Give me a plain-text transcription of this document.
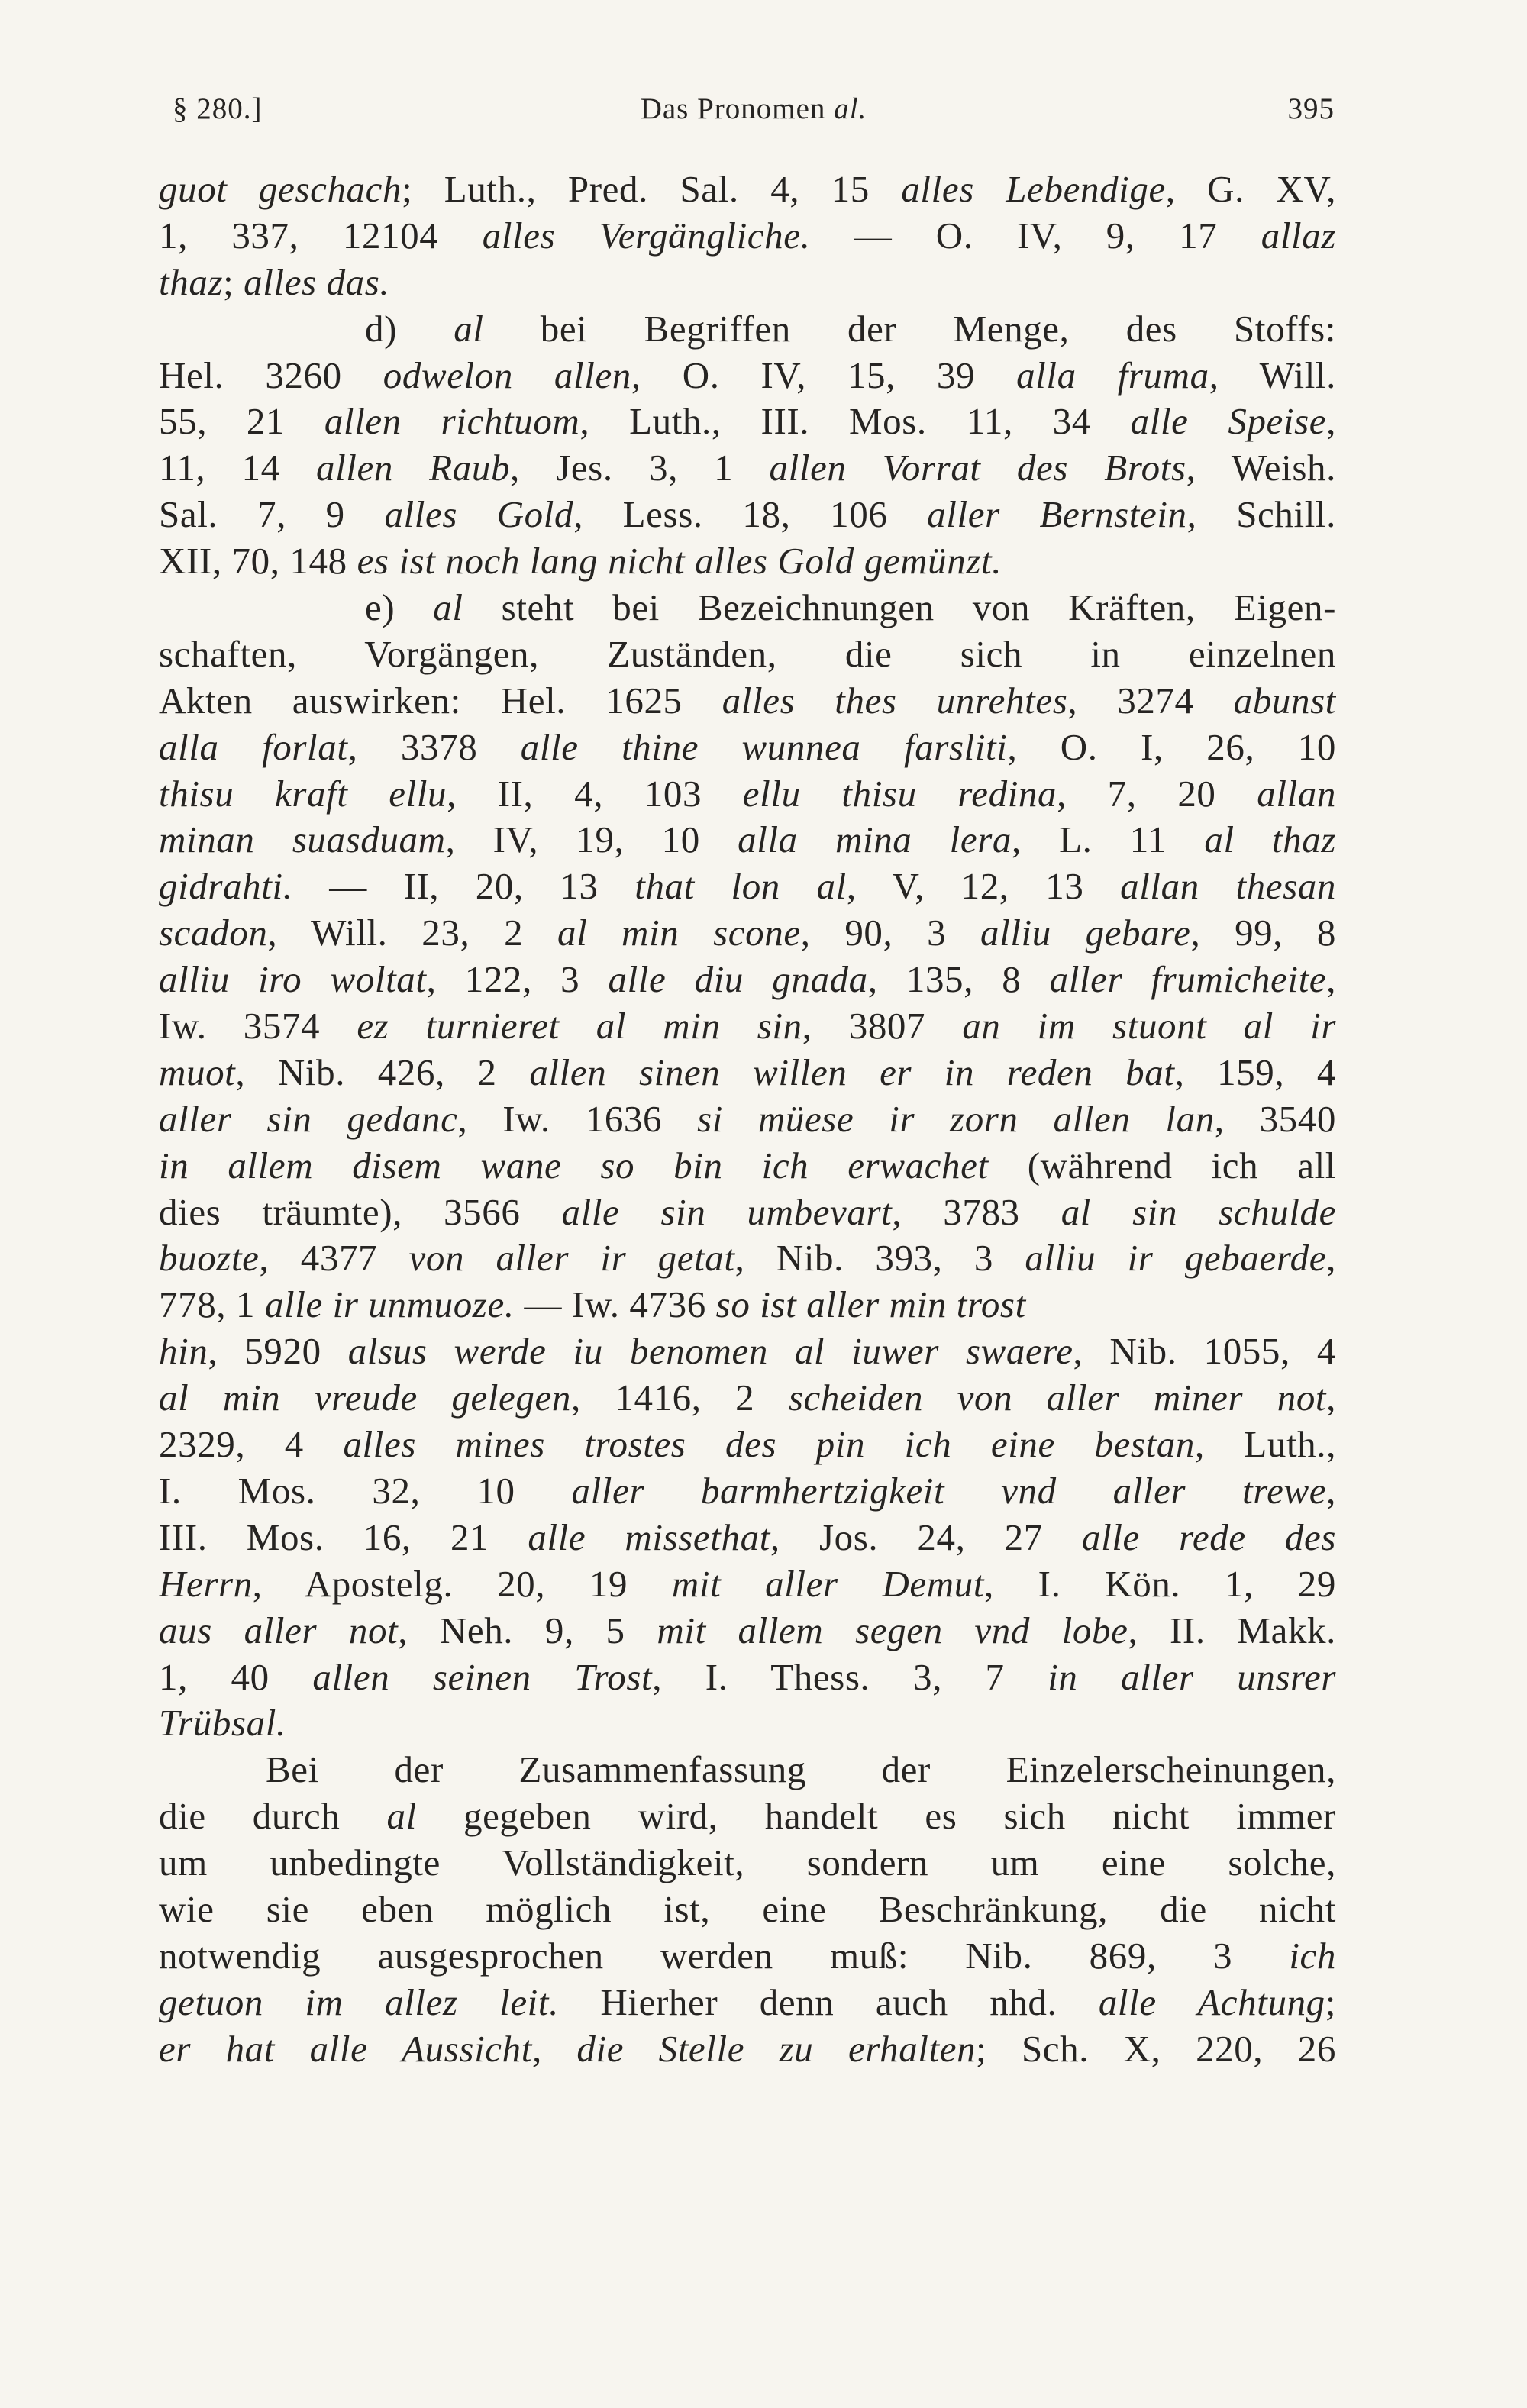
§ 280.]	Das Pronomen al.	395
guot geschach; Luth., Pred. Sal. 4, 15 alles Lebendige, G. XV,
1, 337, 12104 alles Vergängliche. — O. IV, 9, 17 allaz
thaz; alles das.
d) al bei Begriffen der Menge, des Stoffs:
Hel. 3260 odwelon allen, O. IV, 15, 39 alla fruma, Will.
55, 21 allen richtuom, Luth., III. Mos. 11, 34 alle Speise,
11, 14 allen Raub, Jes. 3, 1 allen Vorrat des Brots, Weish.
Sal. 7, 9 alles Gold, Less. 18, 106 aller Bernstein, Schill.
XII, 70, 148 es ist noch lang nicht alles Gold gemünzt.
e) al steht bei Bezeichnungen von Kräften, Eigen-
schaften, Vorgängen, Zuständen, die sich in einzelnen
Akten auswirken: Hel. 1625 alles thes unrehtes, 3274 abunst
alla forlat, 3378 alle thine wunnea farsliti, O. I, 26, 10
thisu kraft ellu, II, 4, 103 ellu thisu redina, 7, 20 allan
minan suasduam, IV, 19, 10 alla mina lera, L. 11 al thaz
gidrahti. — II, 20, 13 that lon al, V, 12, 13 allan thesan
scadon, Will. 23, 2 al min scone, 90, 3 alliu gebare, 99, 8
alliu iro woltat, 122, 3 alle diu gnada, 135, 8 aller frumicheite,
Iw. 3574 ez turnieret al min sin, 3807 an im stuont al ir
muot, Nib. 426, 2 allen sinen willen er in reden bat, 159, 4
aller sin gedanc, Iw. 1636 si müese ir zorn allen lan, 3540
in allem disem wane so bin ich erwachet (während ich all
dies träumte), 3566 alle sin umbevart, 3783 al sin schulde
buozte, 4377 von aller ir getat, Nib. 393, 3 alliu ir gebaerde,
778, 1 alle ir unmuoze. — Iw. 4736 so ist aller min trost
hin, 5920 alsus werde iu benomen al iuwer swaere, Nib. 1055, 4
al min vreude gelegen, 1416, 2 scheiden von aller miner not,
2329, 4 alles mines trostes des pin ich eine bestan, Luth.,
I. Mos. 32, 10 aller barmhertzigkeit vnd aller trewe,
III. Mos. 16, 21 alle missethat, Jos. 24, 27 alle rede des
Herrn, Apostelg. 20, 19 mit aller Demut, I. Kön. 1, 29
aus aller not, Neh. 9, 5 mit allem segen vnd lobe, II. Makk.
1, 40 allen seinen Trost, I. Thess. 3, 7 in aller unsrer
Trübsal.
Bei der Zusammenfassung der Einzelerscheinungen,
die durch al gegeben wird, handelt es sich nicht immer
um unbedingte Vollständigkeit, sondern um eine solche,
wie sie eben möglich ist, eine Beschränkung, die nicht
notwendig ausgesprochen werden muß: Nib. 869, 3 ich
getuon im allez leit. Hierher denn auch nhd. alle Achtung;
er hat alle Aussicht, die Stelle zu erhalten; Sch. X, 220, 26
